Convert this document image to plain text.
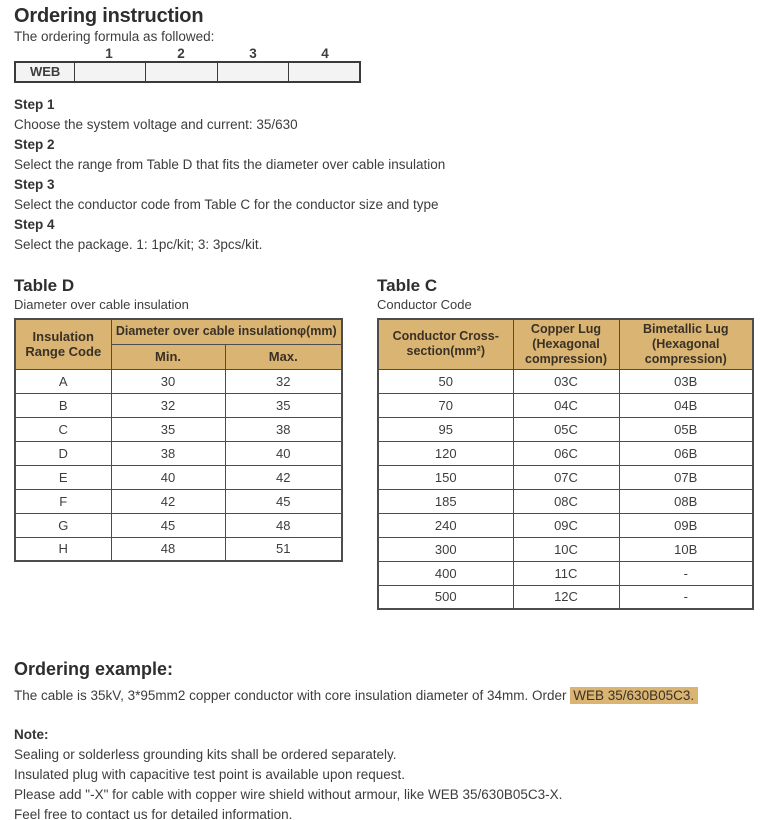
Ordering instruction

The ordering formula as followed:

1	2	3	4
WEB
Step 1
Choose the system voltage and current: 35/630
Step 2
Select the range from Table D that fits the diameter over cable insulation
Step 3
Select the conductor code from Table C for the conductor size and type
Step 4
Select the package. 1: 1pc/kit; 3: 3pcs/kit.
Table D

Diameter over cable insulation

Insulation Range Code	Diameter over cable insulationφ(mm)	
	Min.	Max.
A	30	32
B	32	35
C	35	38
D	38	40
E	40	42
F	42	45
G	45	48
H	48	51
Table C

Conductor Code

Conductor Cross-section(mm²)	Copper Lug (Hexagonal compression)	Bimetallic Lug (Hexagonal compression)
50	03C	03B
70	04C	04B
95	05C	05B
120	06C	06B
150	07C	07B
185	08C	08B
240	09C	09B
300	10C	10B
400	11C	-
500	12C	-
Ordering example:

The cable is 35kV, 3*95mm2 copper conductor with core insulation diameter of 34mm. Order WEB 35/630B05C3.

Note:

Sealing or solderless grounding kits shall be ordered separately.

Insulated plug with capacitive test point is available upon request.

Please add "-X" for cable with copper wire shield without armour, like WEB 35/630B05C3-X.

Feel free to contact us for detailed information.
